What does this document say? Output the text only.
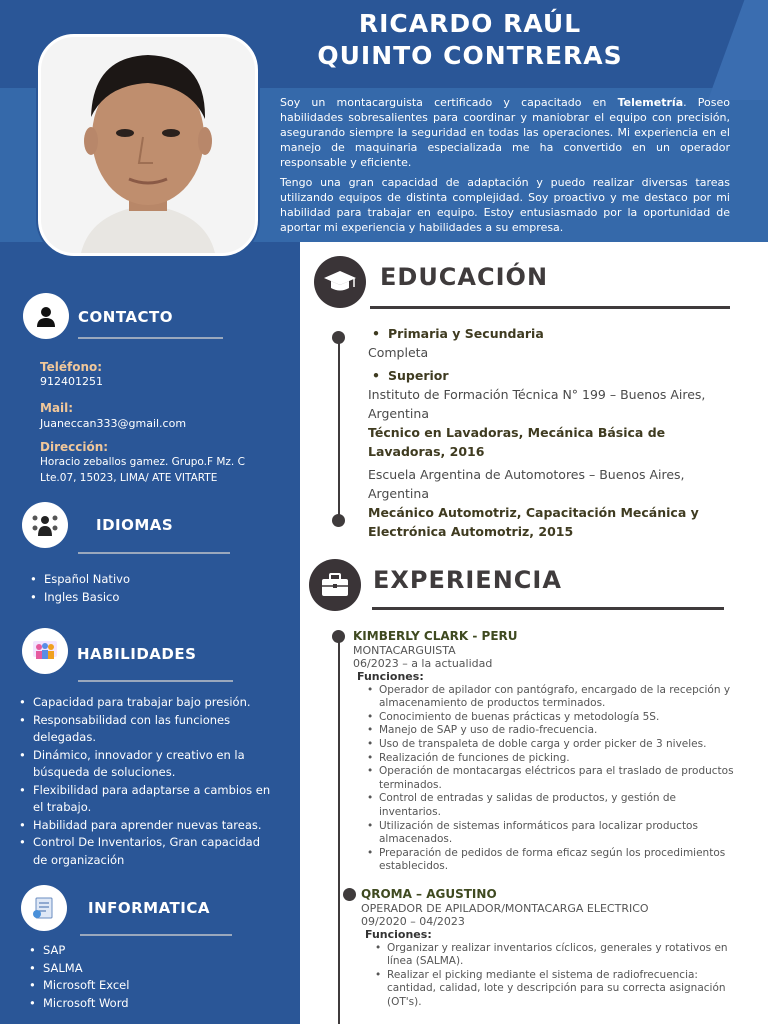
RICARDO RAÚL
QUINTO CONTRERAS

Soy un montacarguista certificado y capacitado en Telemetría. Poseo habilidades sobresalientes para coordinar y maniobrar el equipo con precisión, asegurando siempre la seguridad en todas las operaciones. Mi experiencia en el manejo de maquinaria especializada me ha convertido en un operador responsable y eficiente.

Tengo una gran capacidad de adaptación y puedo realizar diversas tareas utilizando equipos de distinta complejidad. Soy proactivo y me destaco por mi habilidad para trabajar en equipo. Estoy entusiasmado por la oportunidad de aportar mi experiencia y habilidades a su empresa.

CONTACTO
Teléfono:
912401251
Mail:
Juaneccan333@gmail.com
Dirección:
Horacio zeballos gamez. Grupo.F Mz. C Lte.07, 15023, LIMA/ ATE VITARTE
IDIOMAS
• Español Nativo
• Ingles Basico
HABILIDADES
• Capacidad para trabajar bajo presión.
• Responsabilidad con las funciones delegadas.
• Dinámico, innovador y creativo en la búsqueda de soluciones.
• Flexibilidad para adaptarse a cambios en el trabajo.
• Habilidad para aprender nuevas tareas.
• Control De Inventarios, Gran capacidad de organización
INFORMATICA
• SAP
• SALMA
• Microsoft Excel
• Microsoft Word
EDUCACIÓN
• Primaria y Secundaria
Completa
• Superior
Instituto de Formación Técnica N° 199 – Buenos Aires, Argentina
Técnico en Lavadoras, Mecánica Básica de Lavadoras, 2016
Escuela Argentina de Automotores – Buenos Aires, Argentina
Mecánico Automotriz, Capacitación Mecánica y Electrónica Automotriz, 2015
EXPERIENCIA
KIMBERLY CLARK - PERU
MONTACARGUISTA
06/2023 – a la actualidad
Funciones:
• Operador de apilador con pantógrafo, encargado de la recepción y almacenamiento de productos terminados.
• Conocimiento de buenas prácticas y metodología 5S.
• Manejo de SAP y uso de radio-frecuencia.
• Uso de transpaleta de doble carga y order picker de 3 niveles.
• Realización de funciones de picking.
• Operación de montacargas eléctricos para el traslado de productos terminados.
• Control de entradas y salidas de productos, y gestión de inventarios.
• Utilización de sistemas informáticos para localizar productos almacenados.
• Preparación de pedidos de forma eficaz según los procedimientos establecidos.
QROMA – AGUSTINO
OPERADOR DE APILADOR/MONTACARGA ELECTRICO
09/2020 – 04/2023
Funciones:
• Organizar y realizar inventarios cíclicos, generales y rotativos en línea (SALMA).
• Realizar el picking mediante el sistema de radiofrecuencia: cantidad, calidad, lote y descripción para su correcta asignación (OT's).
